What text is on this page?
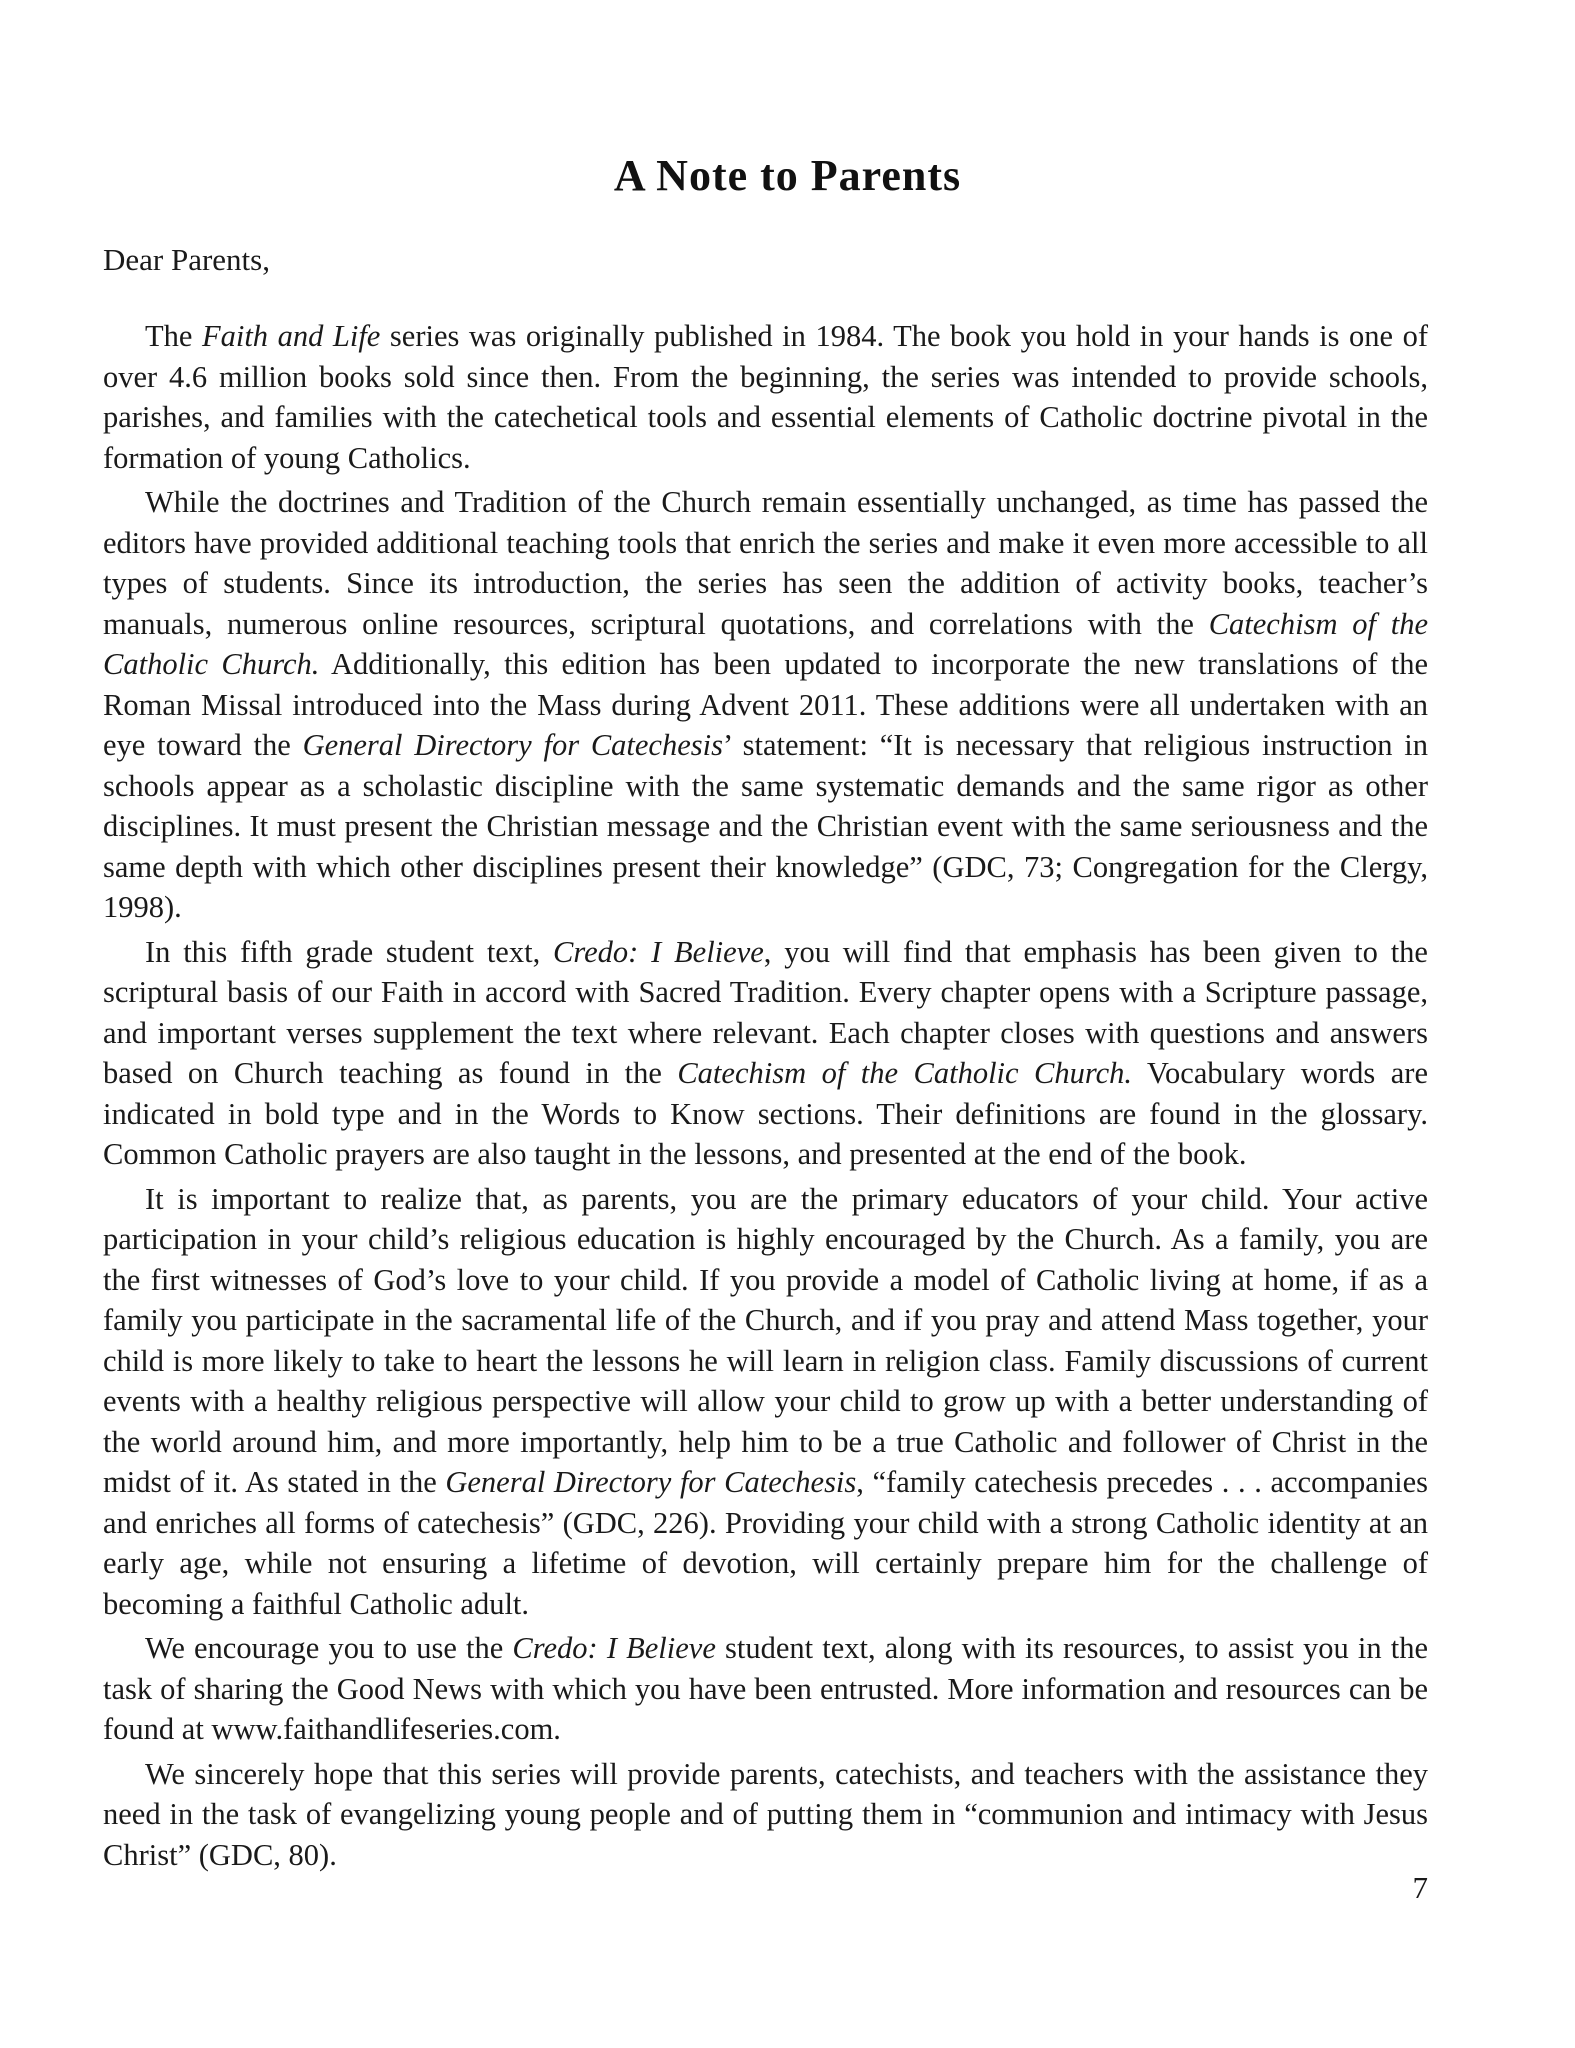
A Note to Parents

Dear Parents,

The Faith and Life series was originally published in 1984. The book you hold in your hands is one of over 4.6 million books sold since then. From the beginning, the series was intended to provide schools, parishes, and families with the catechetical tools and essential elements of Catholic doctrine pivotal in the formation of young Catholics.

While the doctrines and Tradition of the Church remain essentially unchanged, as time has passed the editors have provided additional teaching tools that enrich the series and make it even more accessible to all types of students. Since its introduction, the series has seen the addition of activity books, teacher’s manuals, numerous online resources, scriptural quotations, and correlations with the Catechism of the Catholic Church. Additionally, this edition has been updated to incorporate the new translations of the Roman Missal introduced into the Mass during Advent 2011. These additions were all undertaken with an eye toward the General Directory for Catechesis’ statement: “It is necessary that religious instruction in schools appear as a scholastic discipline with the same systematic demands and the same rigor as other disciplines. It must present the Christian message and the Christian event with the same seriousness and the same depth with which other disciplines present their knowledge” (GDC, 73; Congregation for the Clergy, 1998).

In this fifth grade student text, Credo: I Believe, you will find that emphasis has been given to the scriptural basis of our Faith in accord with Sacred Tradition. Every chapter opens with a Scripture passage, and important verses supplement the text where relevant. Each chapter closes with questions and answers based on Church teaching as found in the Catechism of the Catholic Church. Vocabulary words are indicated in bold type and in the Words to Know sections. Their definitions are found in the glossary. Common Catholic prayers are also taught in the lessons, and presented at the end of the book.

It is important to realize that, as parents, you are the primary educators of your child. Your active participation in your child’s religious education is highly encouraged by the Church. As a family, you are the first witnesses of God’s love to your child. If you provide a model of Catholic living at home, if as a family you participate in the sacramental life of the Church, and if you pray and attend Mass together, your child is more likely to take to heart the lessons he will learn in religion class. Family discussions of current events with a healthy religious perspective will allow your child to grow up with a better understanding of the world around him, and more importantly, help him to be a true Catholic and follower of Christ in the midst of it. As stated in the General Directory for Catechesis, “family catechesis precedes . . . accompanies and enriches all forms of catechesis” (GDC, 226). Providing your child with a strong Catholic identity at an early age, while not ensuring a lifetime of devotion, will certainly prepare him for the challenge of becoming a faithful Catholic adult.

We encourage you to use the Credo: I Believe student text, along with its resources, to assist you in the task of sharing the Good News with which you have been entrusted. More information and resources can be found at www.faithandlifeseries.com.

We sincerely hope that this series will provide parents, catechists, and teachers with the assistance they need in the task of evangelizing young people and of putting them in “communion and intimacy with Jesus Christ” (GDC, 80).

7
